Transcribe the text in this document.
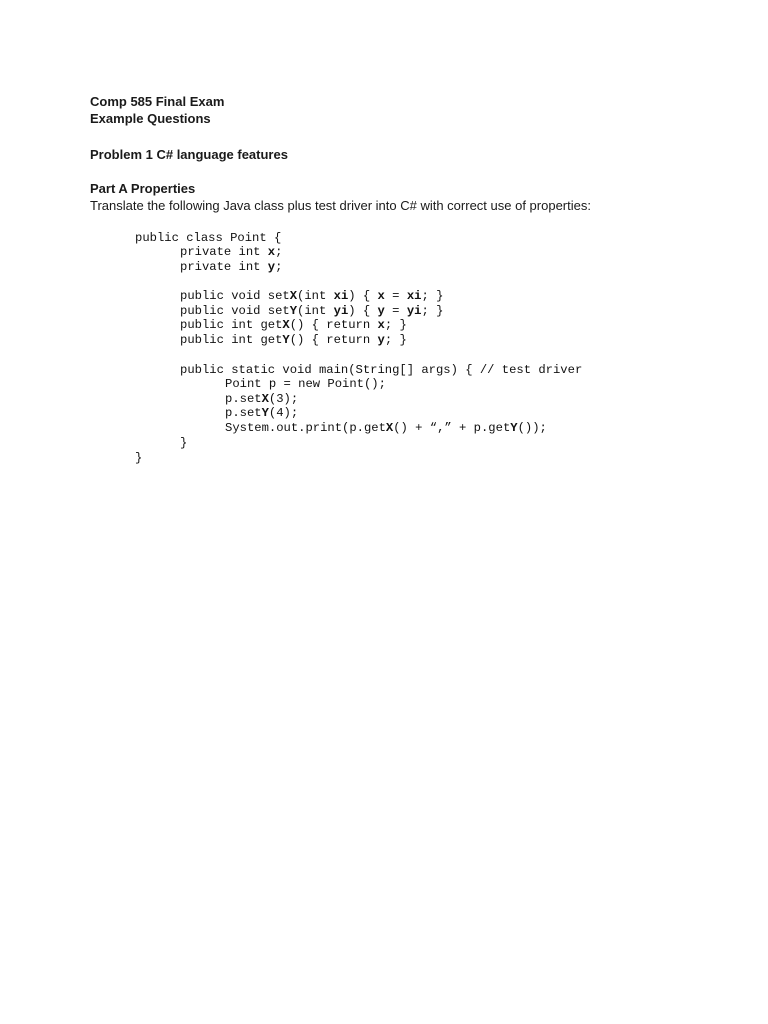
Comp 585 Final Exam
Example Questions
Problem 1 C# language features
Part A Properties
Translate the following Java class plus test driver into C# with correct use of properties:

public class Point {

private int x;

private int y;

public void setX(int xi) { x = xi; }

public void setY(int yi) { y = yi; }

public int getX() { return x; }

public int getY() { return y; }

public static void main(String[] args) { // test driver

Point p = new Point();

p.setX(3);

p.setY(4);

System.out.print(p.getX() + “,” + p.getY());

}

}
